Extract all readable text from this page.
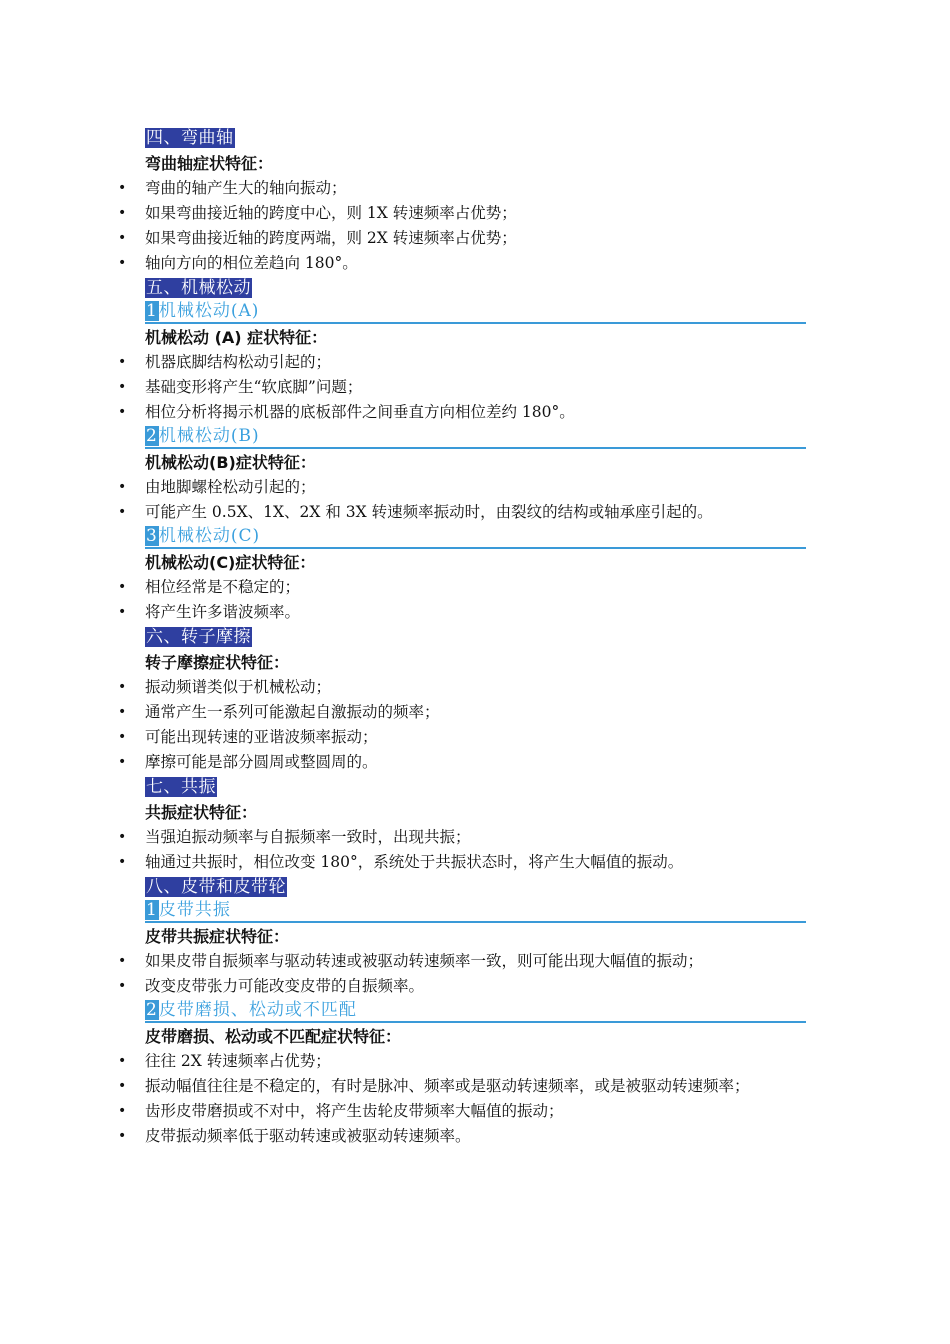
四、弯曲轴
弯曲轴症状特征：
• 弯曲的轴产生大的轴向振动；
• 如果弯曲接近轴的跨度中心，则 1X 转速频率占优势；
• 如果弯曲接近轴的跨度两端，则 2X 转速频率占优势；
• 轴向方向的相位差趋向 180°。
五、机械松动
1机械松动(A)
机械松动 (A) 症状特征：
• 机器底脚结构松动引起的；
• 基础变形将产生“软底脚”问题；
• 相位分析将揭示机器的底板部件之间垂直方向相位差约 180°。
2机械松动(B)
机械松动(B)症状特征：
• 由地脚螺栓松动引起的；
• 可能产生 0.5X、1X、2X 和 3X 转速频率振动时，由裂纹的结构或轴承座引起的。
3机械松动(C)
机械松动(C)症状特征：
• 相位经常是不稳定的；
• 将产生许多谐波频率。
六、转子摩擦
转子摩擦症状特征：
• 振动频谱类似于机械松动；
• 通常产生一系列可能激起自激振动的频率；
• 可能出现转速的亚谐波频率振动；
• 摩擦可能是部分圆周或整圆周的。
七、共振
共振症状特征：
• 当强迫振动频率与自振频率一致时，出现共振；
• 轴通过共振时，相位改变 180°，系统处于共振状态时，将产生大幅值的振动。
八、皮带和皮带轮
1皮带共振
皮带共振症状特征：
• 如果皮带自振频率与驱动转速或被驱动转速频率一致，则可能出现大幅值的振动；
• 改变皮带张力可能改变皮带的自振频率。
2皮带磨损、松动或不匹配
皮带磨损、松动或不匹配症状特征：
• 往往 2X 转速频率占优势；
• 振动幅值往往是不稳定的，有时是脉冲、频率或是驱动转速频率，或是被驱动转速频率；
• 齿形皮带磨损或不对中，将产生齿轮皮带频率大幅值的振动；
• 皮带振动频率低于驱动转速或被驱动转速频率。
